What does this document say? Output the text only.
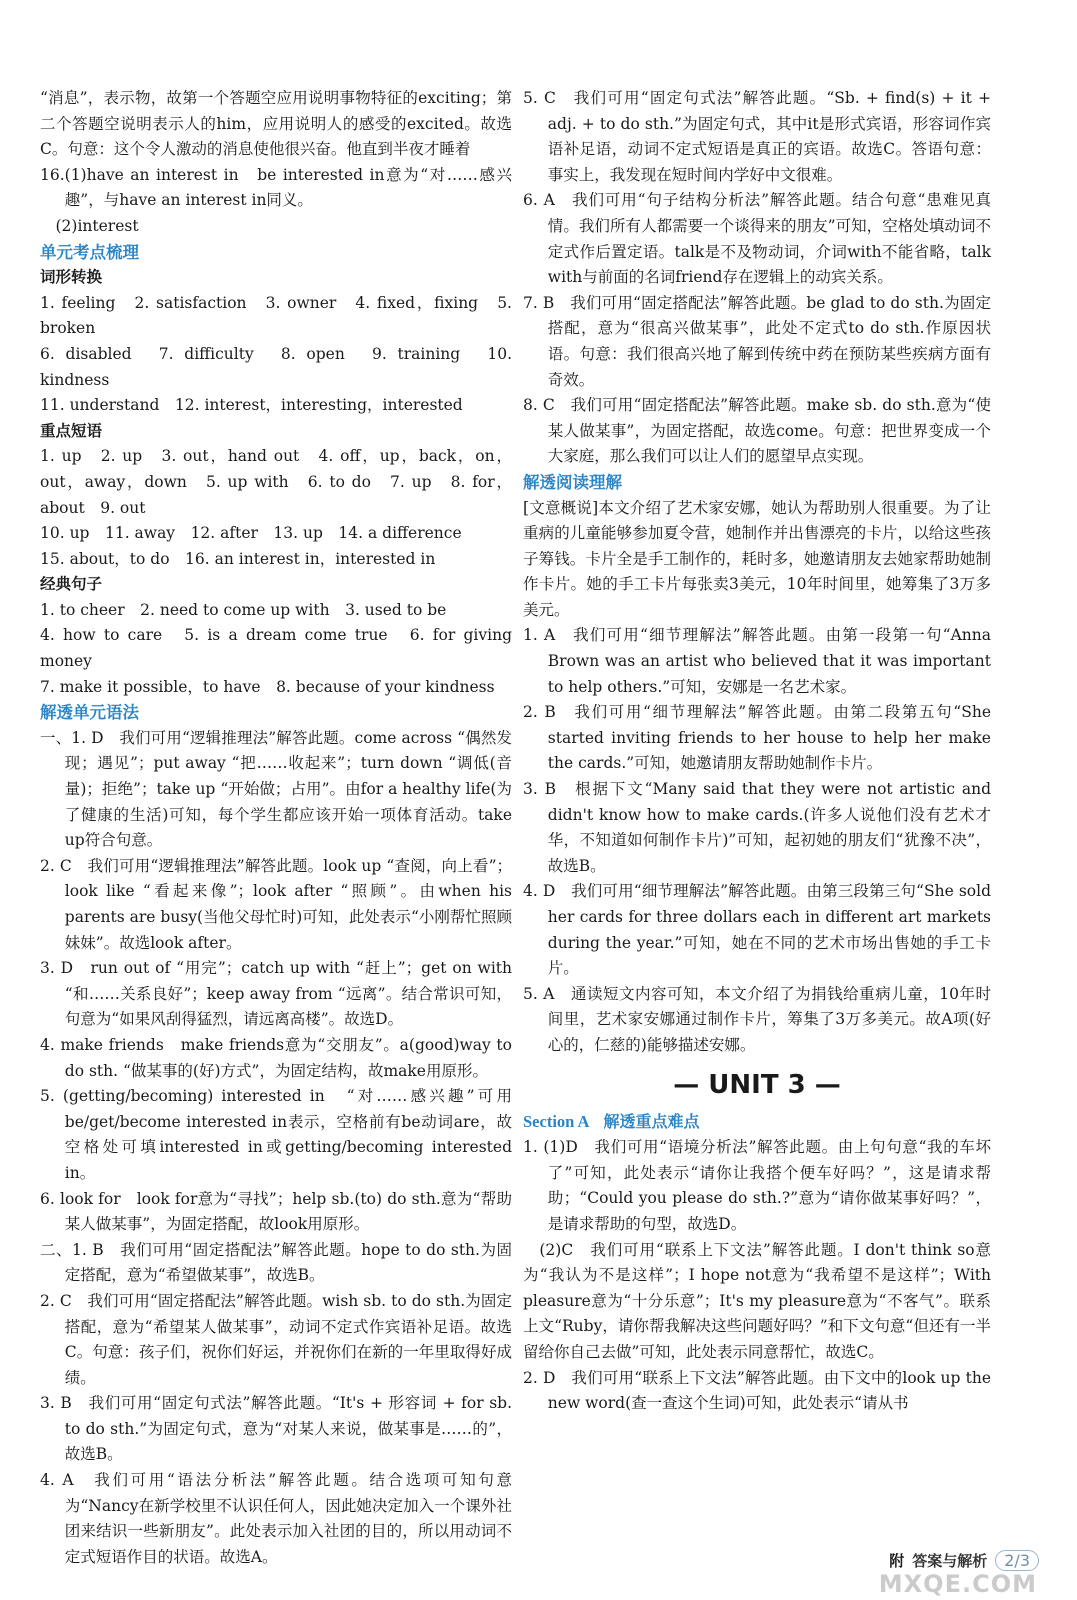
“消息”，表示物，故第一个答题空应用说明事物特征的exciting；第二个答题空说明表示人的him，应用说明人的感受的excited。故选C。句意：这个令人激动的消息使他很兴奋。他直到半夜才睡着

16.(1)have an interest in　be interested in意为“对……感兴趣”，与have an interest in同义。

　(2)interest

单元考点梳理

词形转换

1. feeling　2. satisfaction　3. owner　4. fixed，fixing　5. broken

6. disabled　7. difficulty　8. open　9. training　10. kindness

11. understand　12. interest，interesting，interested

重点短语

1. up　2. up　3. out，hand out　4. off，up，back，on，out，away，down　5. up with　6. to do　7. up　8. for，about　9. out

10. up　11. away　12. after　13. up　14. a difference

15. about，to do　16. an interest in，interested in

经典句子

1. to cheer　2. need to come up with　3. used to be

4. how to care　5. is a dream come true　6. for giving money

7. make it possible，to have　8. because of your kindness

解透单元语法

一、1. D　我们可用“逻辑推理法”解答此题。come across “偶然发现；遇见”；put away “把……收起来”；turn down “调低(音量)；拒绝”；take up “开始做；占用”。由for a healthy life(为了健康的生活)可知，每个学生都应该开始一项体育活动。take up符合句意。

2. C　我们可用“逻辑推理法”解答此题。look up “查阅，向上看”；look like “看起来像”；look after “照顾”。由when his parents are busy(当他父母忙时)可知，此处表示“小刚帮忙照顾妹妹”。故选look after。

3. D　run out of “用完”；catch up with “赶上”；get on with “和……关系良好”；keep away from “远离”。结合常识可知，句意为“如果风刮得猛烈，请远离高楼”。故选D。

4. make friends　make friends意为“交朋友”。a(good)way to do sth. “做某事的(好)方式”，为固定结构，故make用原形。

5. (getting/becoming) interested in　“对……感兴趣”可用be/get/become interested in表示，空格前有be动词are，故空格处可填interested in或getting/becoming interested in。

6. look for　look for意为“寻找”；help sb.(to) do sth.意为“帮助某人做某事”，为固定搭配，故look用原形。

二、1. B　我们可用“固定搭配法”解答此题。hope to do sth.为固定搭配，意为“希望做某事”，故选B。

2. C　我们可用“固定搭配法”解答此题。wish sb. to do sth.为固定搭配，意为“希望某人做某事”，动词不定式作宾语补足语。故选C。句意：孩子们，祝你们好运，并祝你们在新的一年里取得好成绩。

3. B　我们可用“固定句式法”解答此题。“It's + 形容词 + for sb. to do sth.”为固定句式，意为“对某人来说，做某事是……的”，故选B。

4. A　我们可用“语法分析法”解答此题。结合选项可知句意为“Nancy在新学校里不认识任何人，因此她决定加入一个课外社团来结识一些新朋友”。此处表示加入社团的目的，所以用动词不定式短语作目的状语。故选A。

5. C　我们可用“固定句式法”解答此题。“Sb. + find(s) + it + adj. + to do sth.”为固定句式，其中it是形式宾语，形容词作宾语补足语，动词不定式短语是真正的宾语。故选C。答语句意：事实上，我发现在短时间内学好中文很难。

6. A　我们可用“句子结构分析法”解答此题。结合句意“患难见真情。我们所有人都需要一个谈得来的朋友”可知，空格处填动词不定式作后置定语。talk是不及物动词，介词with不能省略，talk with与前面的名词friend存在逻辑上的动宾关系。

7. B　我们可用“固定搭配法”解答此题。be glad to do sth.为固定搭配，意为“很高兴做某事”，此处不定式to do sth.作原因状语。句意：我们很高兴地了解到传统中药在预防某些疾病方面有奇效。

8. C　我们可用“固定搭配法”解答此题。make sb. do sth.意为“使某人做某事”，为固定搭配，故选come。句意：把世界变成一个大家庭，那么我们可以让人们的愿望早点实现。

解透阅读理解

[文意概说]本文介绍了艺术家安娜，她认为帮助别人很重要。为了让重病的儿童能够参加夏令营，她制作并出售漂亮的卡片，以给这些孩子筹钱。卡片全是手工制作的，耗时多，她邀请朋友去她家帮助她制作卡片。她的手工卡片每张卖3美元，10年时间里，她筹集了3万多美元。

1. A　我们可用“细节理解法”解答此题。由第一段第一句“Anna Brown was an artist who believed that it was important to help others.”可知，安娜是一名艺术家。

2. B　我们可用“细节理解法”解答此题。由第二段第五句“She started inviting friends to her house to help her make the cards.”可知，她邀请朋友帮助她制作卡片。

3. B　根据下文“Many said that they were not artistic and didn't know how to make cards.(许多人说他们没有艺术才华，不知道如何制作卡片)”可知，起初她的朋友们“犹豫不决”，故选B。

4. D　我们可用“细节理解法”解答此题。由第三段第三句“She sold her cards for three dollars each in different art markets during the year.”可知，她在不同的艺术市场出售她的手工卡片。

5. A　通读短文内容可知，本文介绍了为捐钱给重病儿童，10年时间里，艺术家安娜通过制作卡片，筹集了3万多美元。故A项(好心的，仁慈的)能够描述安娜。

— UNIT 3 —

Section A 解透重点难点

1. (1)D　我们可用“语境分析法”解答此题。由上句句意“我的车坏了”可知，此处表示“请你让我搭个便车好吗？”，这是请求帮助；“Could you please do sth.?”意为“请你做某事好吗？”，是请求帮助的句型，故选D。

　(2)C　我们可用“联系上下文法”解答此题。I don't think so意为“我认为不是这样”；I hope not意为“我希望不是这样”；With pleasure意为“十分乐意”；It's my pleasure意为“不客气”。联系上文“Ruby，请你帮我解决这些问题好吗？”和下文句意“但还有一半留给你自己去做”可知，此处表示同意帮忙，故选C。

2. D　我们可用“联系上下文法”解答此题。由下文中的look up the new word(查一查这个生词)可知，此处表示“请从书

附 答案与解析	2/3
MXQE.COM
